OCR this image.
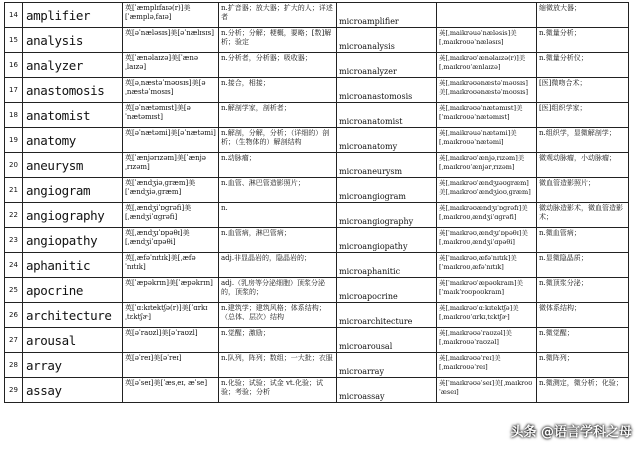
14	amplifier	英[ˈæmplɪfaɪə(r)]美[ˈæmpləˌfaɪə]	n.扩音器；放大器；扩大的人；详述者	microamplifier		缩微放大器；
15	analysis	英[əˈnæləsɪs]美[əˈnælɪsɪs]	n.分析；分解；梗概，要略；[数]解析；验定	microanalysis	英[ˌmaikrəuəˈnæləsis]美[ˌmaɪkroʊəˈnæləsɪs]	n.微量分析；
16	analyzer	英[ˈænəlaɪzə]美[ˈænəˌlaɪzə]	n.分析者，分析器；吸收器；	microanalyzer	英[ˌmaɪkrəʊˈænəlaɪzə(r)]美[ˌmaɪkroʊˈænlaɪzə]	n.微量分析仪；
17	anastomosis	英[əˌnæstəˈməʊsɪs]美[əˌnæstəˈmosɪs]	n.接合，相接；	microanastomosis	英[ˌmaɪkrəʊənæstəˈməʊsɪs]美[ˌmaɪkroʊənæstəˈmoʊsɪs]	[医]微吻合术；
18	anatomist	英[əˈnætəmɪst]美[əˈnætəmɪst]	n.解剖学家，剖析者；	microanatomist	英[ˌmaɪkrəʊəˈnætəmɪst]美[ˈmaɪkroʊəˈnætəmɪst]	[医]组织学家；
19	anatomy	英[əˈnætəmi]美[əˈnætəmi]	n.解剖，分解，分析；（详细的）剖析；（生物体的）解剖结构	microanatomy	英[ˌmaikrəuəˈnætəmi]美[ˌmaɪkroʊəˈnætəmi]	n.组织学，显微解剖学；
20	aneurysm	英[ˈænjərɪzəm]美[ˈænjəˌrɪzəm]	n.动脉瘤；	microaneurysm	英[ˌmaɪkrəʊˈænjəˌrɪzəm]美[ˌmaɪkroʊˈænjərˌrɪzəm]	微观动脉瘤，小动脉瘤；
21	angiogram	英[ˈændʒiəˌɡræm]美[ˈændʒiəˌɡræm]	n.血管、淋巴管造影照片；	microangiogram	英[ˌmaɪkrəʊˈændʒɪəʊɡræm]美[ˌmaɪkroʊˈændʒioʊˌɡræm]	微血管造影照片；
22	angiography	英[ˌændʒiˈɒɡrəfi]美[ˌændʒiˈɑɡrəfi]	n.	microangiography	英[ˌmaɪkrəʊændʒɪˈɒɡrəfɪ]美[ˌmaɪkroʊˌændʒiˈɑɡrəfi]	微动脉造影术，微血管造影术；
23	angiopathy	英[ˌændʒɪˈɒpəθɪ]美[ˌændʒiˈɑpəθi]	n.血管病，淋巴管病；	microangiopathy	英[ˈmaɪkrəʊˌændʒɪˈɒpəθɪ]美[ˌmaɪkroʊˌændʒiˈɑpəθi]	n.微血管病；
24	aphanitic	英[ˌæfəˈnɪtɪk]美[ˌæfəˈnɪtɪk]	adj.非显晶岩的，隐晶岩的；	microaphanitic	英[ˈmaɪkrəʊˌæfəˈnɪtɪk]美[ˈmaɪkroʊˌæfəˈnɪtɪk]	n.显微隐晶质；
25	apocrine	英[ˈæpəkrɪn]美[ˈæpəkrɪn]	adj.（乳房等分泌细胞）顶浆分泌的，顶浆的；	microapocrine	英[ˈmaɪkrəʊˈæpəʊkraɪn]美[ˈmaɪkˈroʊpoʊkraɪn]	n.微顶浆分泌；
26	architecture	英[ˈɑ:kɪtektʃə(r)]美[ˈɑrkɪˌtɛktʃɚ]	n.建筑学；建筑风格；体系结构；（总体、层次）结构	microarchitecture	英[ˌmaɪkrəʊˈɑːkɪtektʃə]美[ˌmaɪkroʊˈɑrkɪˌtɛktʃɚ]	微体系结构；
27	arousal	英[əˈraʊzl]美[əˈraʊzl]	n.觉醒；激励；	microarousal	英[ˌmaɪkrəʊəˈraʊzəl]美[ˌmaɪkroʊəˈraʊzəl]	n.微觉醒；
28	array	英[əˈreɪ]美[əˈreɪ]	n.队列，阵列；数组；一大批；衣服	microarray	英[ˌmaɪkrəʊəˈreɪ]美[ˌmaɪkroʊəˈreɪ]	n.微阵列；
29	assay	英[əˈseɪ]美[ˈæsˌeɪ, æˈse]	n.化验；试验；试金 vt.化验；试验；考验；分析	microassay	英[ˈmaɪkrəʊəˈseɪ]美[ˌmaɪkroʊˈæseɪ]	n.微测定，微分析；化验；
头条 @语言学科之母
